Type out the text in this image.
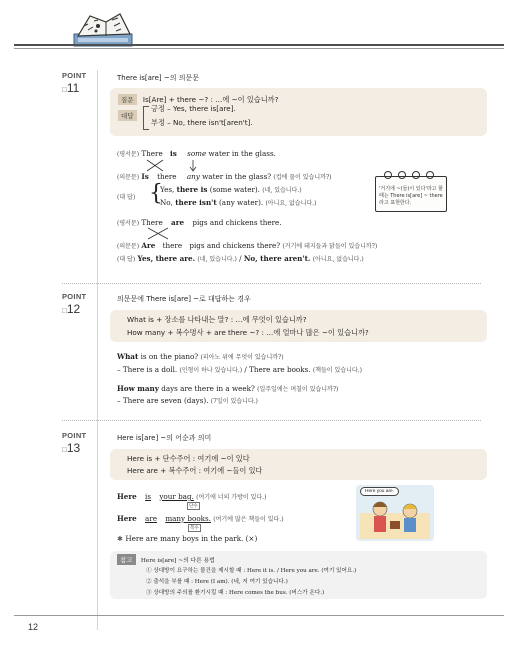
POINT
□11
There is[are] ~의 의문문
질문 Is[Are] + there ~? : …에 ~이 있습니까?
대답
긍정 – Yes, there is[are].
부정 – No, there isn't[aren't].
(평서문) There is some water in the glass.
(의문문) Is there any water in the glass? (컵에 물이 있습니까?)
(대 답) {
Yes, there is (some water). (네, 있습니다.)
No, there isn't (any water). (아니요, 없습니다.)
'거기에 ~(들)이 있다'라고 할 때는 There is[are] ~ there라고 표현한다.
(평서문) There are pigs and chickens there.
(의문문) Are there pigs and chickens there? (거기에 돼지들과 닭들이 있습니까?)
(대 답) Yes, there are. (네, 있습니다.) / No, there aren't. (아니요, 없습니다.)
POINT
□12
의문문에 There is[are] ~로 대답하는 경우
What is + 장소를 나타내는 말? : …에 무엇이 있습니까?
How many + 복수명사 + are there ~? : …에 얼마나 많은 ~이 있습니까?
What is on the piano? (피아노 위에 무엇이 있습니까?)
– There is a doll. (인형이 하나 있습니다.) / There are books. (책들이 있습니다.)
How many days are there in a week? (일주일에는 며칠이 있습니까?)
– There are seven (days). (7일이 있습니다.)
POINT
□13
Here is[are] ~의 어순과 의미
Here is + 단수주어 : 여기에 ~이 있다
Here are + 복수주어 : 여기에 ~들이 있다
Here is your bag. (여기에 너의 가방이 있다.)
단수
Here are many books. (여기에 많은 책들이 있다.)
복수
✱ Here are many boys in the park. (×)
Here you are.
참고 Here is[are] ~의 다른 용법
① 상대방이 요구하는 물건을 제시할 때 : Here it is. / Here you are. (여기 있어요.)
② 출석을 부를 때 : Here (I am). (네, 저 여기 있습니다.)
③ 상대방의 주의를 환기시킬 때 : Here comes the bus. (버스가 온다.)
12
